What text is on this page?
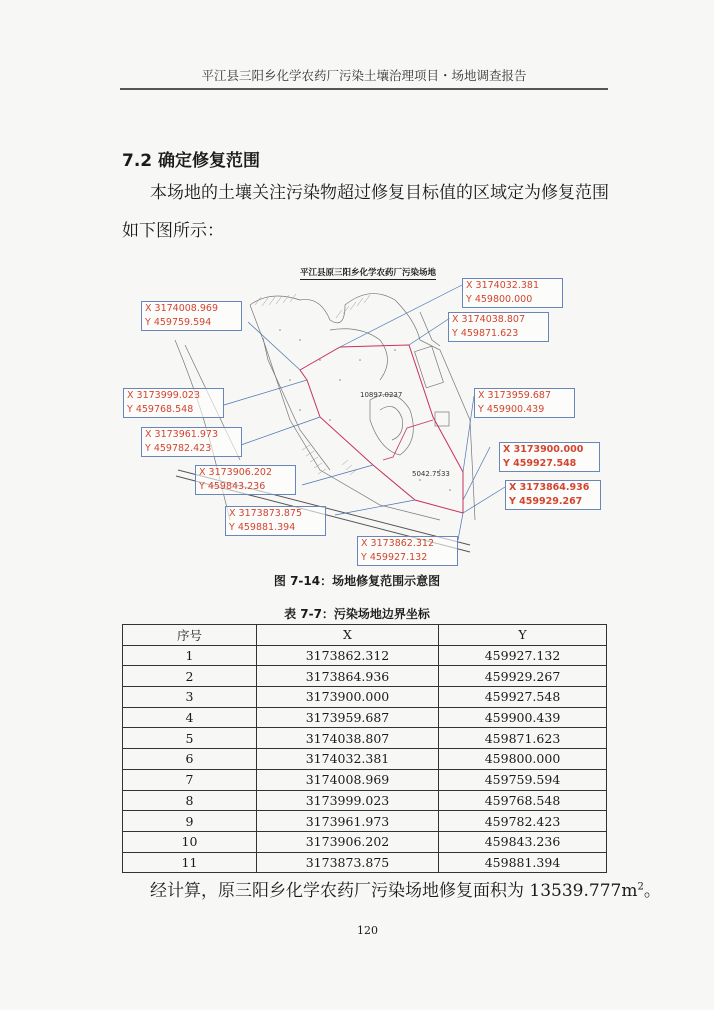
平江县三阳乡化学农药厂污染土壤治理项目・场地调查报告
7.2 确定修复范围
本场地的土壤关注污染物超过修复目标值的区域定为修复范围
如下图所示：
平江县原三阳乡化学农药厂污染场地
10897.0237
5042.7533
X 3174032.381
Y 459800.000
X 3174008.969
Y 459759.594	X 3174038.807
Y 459871.623
X 3173999.023
Y 459768.548
X 3173959.687
Y 459900.439
X 3173961.973
Y 459782.423	X 3173900.000
Y 459927.548
X 3173906.202
Y 459843.236	X 3173864.936
Y 459929.267
X 3173873.875
Y 459881.394
X 3173862.312
Y 459927.132
图 7-14：场地修复范围示意图
表 7-7：污染场地边界坐标
序号	X	Y
1	3173862.312	459927.132
2	3173864.936	459929.267
3	3173900.000	459927.548
4	3173959.687	459900.439
5	3174038.807	459871.623
6	3174032.381	459800.000
7	3174008.969	459759.594
8	3173999.023	459768.548
9	3173961.973	459782.423
10	3173906.202	459843.236
11	3173873.875	459881.394
经计算，原三阳乡化学农药厂污染场地修复面积为 $13539.777m^2$。
120
